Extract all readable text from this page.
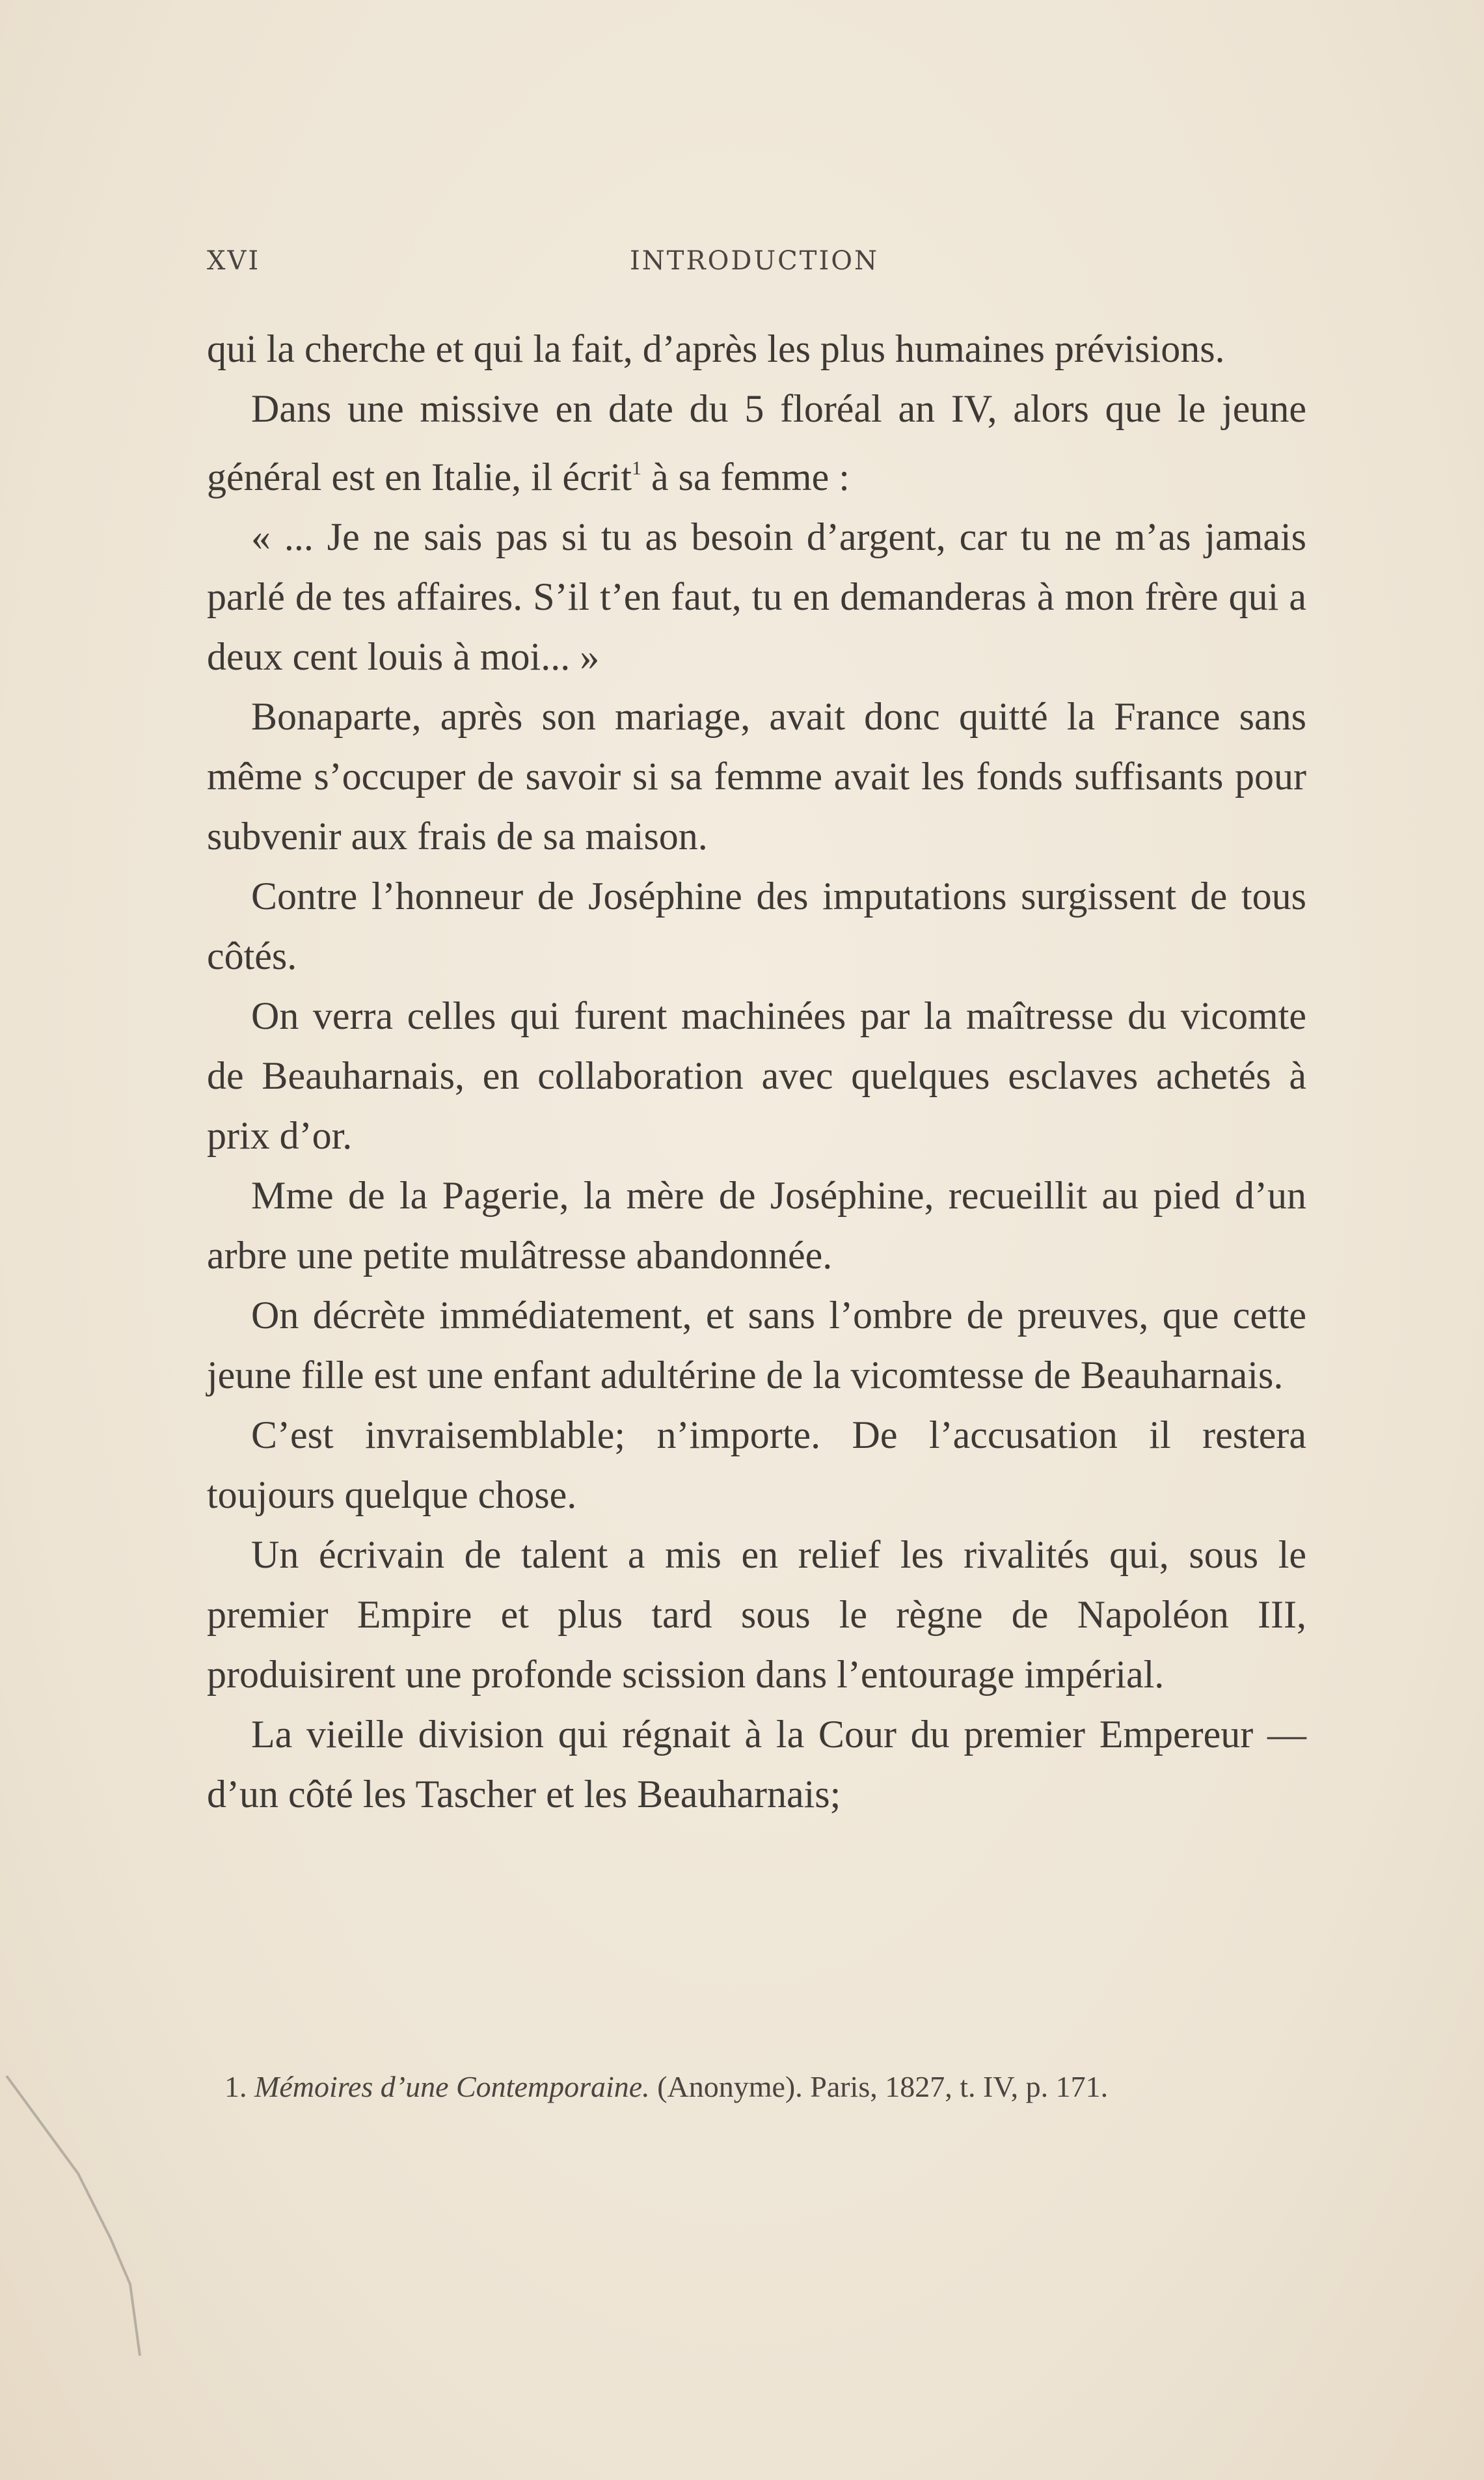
XVI	INTRODUCTION

qui la cherche et qui la fait, d’après les plus humaines prévisions.

Dans une missive en date du 5 floréal an IV, alors que le jeune général est en Italie, il écrit$^1$ à sa femme :

« ... Je ne sais pas si tu as besoin d’argent, car tu ne m’as jamais parlé de tes affaires. S’il t’en faut, tu en demanderas à mon frère qui a deux cent louis à moi... »

Bonaparte, après son mariage, avait donc quitté la France sans même s’occuper de savoir si sa femme avait les fonds suffisants pour subvenir aux frais de sa maison.

Contre l’honneur de Joséphine des imputations surgissent de tous côtés.

On verra celles qui furent machinées par la maîtresse du vicomte de Beauharnais, en collaboration avec quelques esclaves achetés à prix d’or.

Mme de la Pagerie, la mère de Joséphine, recueillit au pied d’un arbre une petite mulâtresse abandonnée.

On décrète immédiatement, et sans l’ombre de preuves, que cette jeune fille est une enfant adultérine de la vicomtesse de Beauharnais.

C’est invraisemblable; n’importe. De l’accusation il restera toujours quelque chose.

Un écrivain de talent a mis en relief les rivalités qui, sous le premier Empire et plus tard sous le règne de Napoléon III, produisirent une profonde scission dans l’entourage impérial.

La vieille division qui régnait à la Cour du premier Empereur — d’un côté les Tascher et les Beauharnais;

1. Mémoires d’une Contemporaine. (Anonyme). Paris, 1827, t. IV, p. 171.
